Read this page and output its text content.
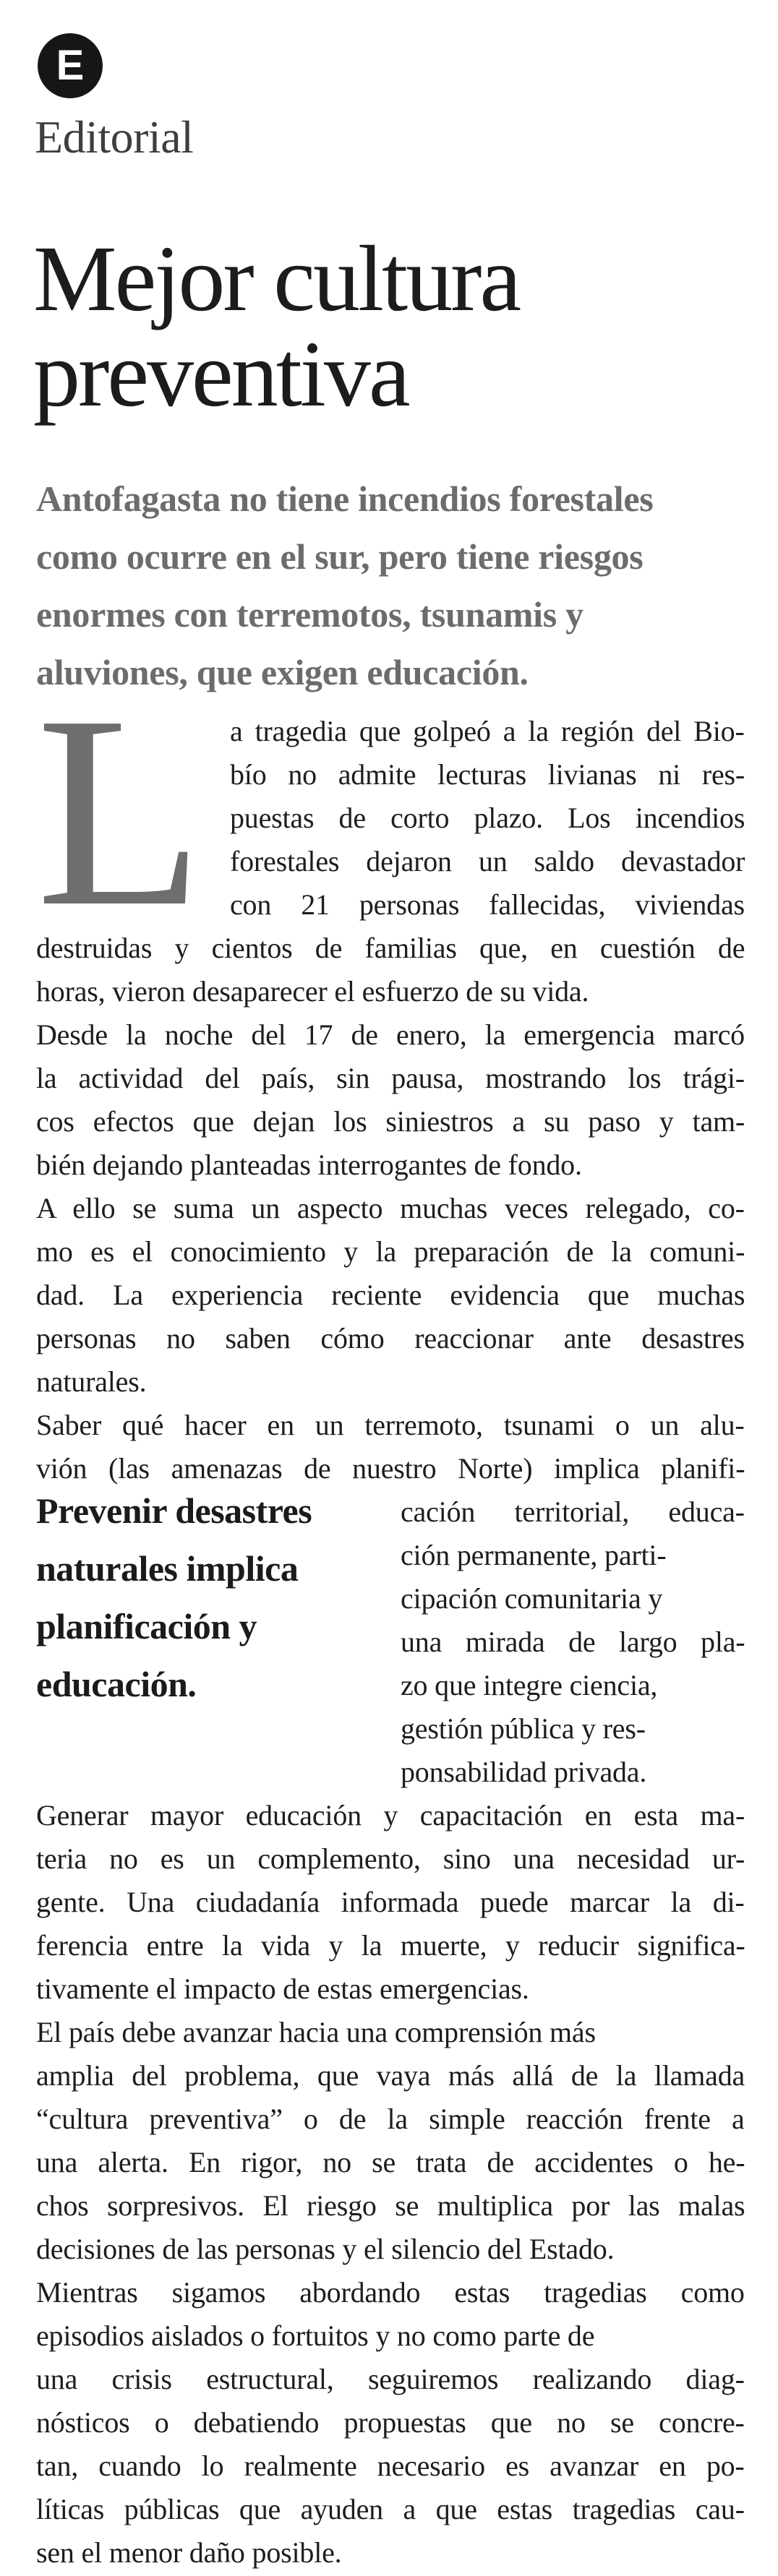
E
Editorial
Mejor cultura
preventiva

Antofagasta no tiene incendios forestales
como ocurre en el sur, pero tiene riesgos
enormes con terremotos, tsunamis y
aluviones, que exigen educación.

L a tragedia que golpeó a la región del Bio-
bío no admite lecturas livianas ni res-
puestas de corto plazo. Los incendios
forestales dejaron un saldo devastador
con 21 personas fallecidas, viviendas
destruidas y cientos de familias que, en cuestión de
horas, vieron desaparecer el esfuerzo de su vida.
Desde la noche del 17 de enero, la emergencia marcó
la actividad del país, sin pausa, mostrando los trági-
cos efectos que dejan los siniestros a su paso y tam-
bién dejando planteadas interrogantes de fondo.
A ello se suma un aspecto muchas veces relegado, co-
mo es el conocimiento y la preparación de la comuni-
dad. La experiencia reciente evidencia que muchas
personas no saben cómo reaccionar ante desastres
naturales.
Saber qué hacer en un terremoto, tsunami o un alu-
vión (las amenazas de nuestro Norte) implica planifi-
cación territorial, educa-
ción permanente, parti-
cipación comunitaria y
una mirada de largo pla-
zo que integre ciencia,
gestión pública y res-
ponsabilidad privada.
Generar mayor educación y capacitación en esta ma-
teria no es un complemento, sino una necesidad ur-
gente. Una ciudadanía informada puede marcar la di-
ferencia entre la vida y la muerte, y reducir significa-
tivamente el impacto de estas emergencias.
El país debe avanzar hacia una comprensión más
amplia del problema, que vaya más allá de la llamada
“cultura preventiva” o de la simple reacción frente a
una alerta. En rigor, no se trata de accidentes o he-
chos sorpresivos. El riesgo se multiplica por las malas
decisiones de las personas y el silencio del Estado.
Mientras sigamos abordando estas tragedias como
episodios aislados o fortuitos y no como parte de
una crisis estructural, seguiremos realizando diag-
nósticos o debatiendo propuestas que no se concre-
tan, cuando lo realmente necesario es avanzar en po-
líticas públicas que ayuden a que estas tragedias cau-
sen el menor daño posible.

Prevenir desastres
naturales implica
planificación y
educación.
